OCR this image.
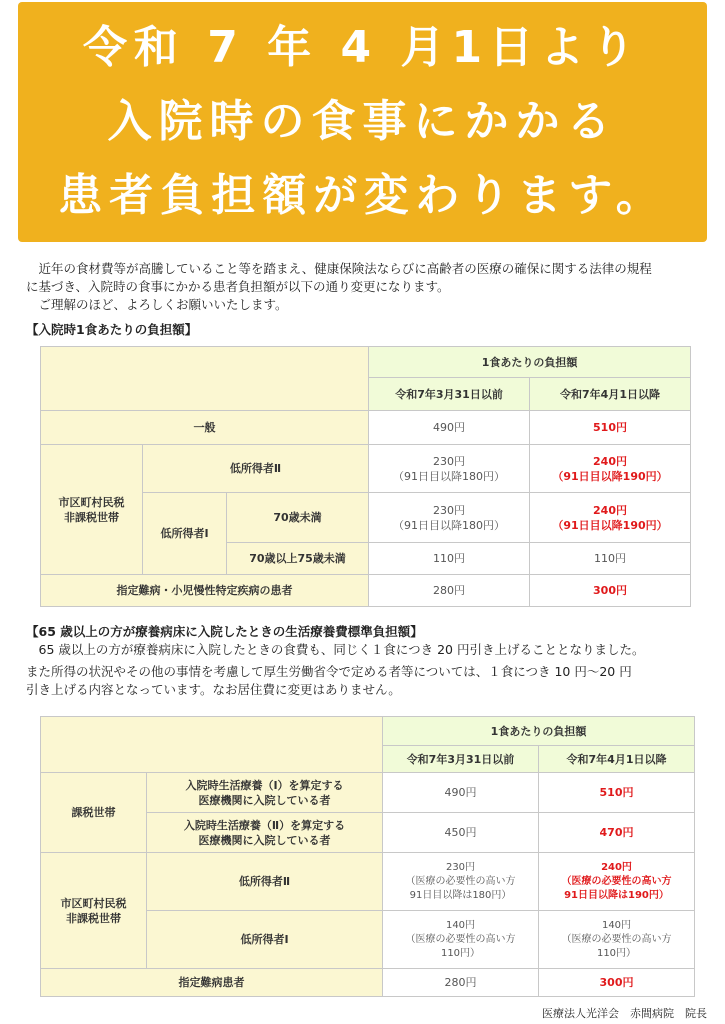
令和 7 年 4 月1日より
入院時の食事にかかる
患者負担額が変わります。

　近年の食材費等が高騰していること等を踏まえ、健康保険法ならびに高齢者の医療の確保に関する法律の規程

に基づき、入院時の食事にかかる患者負担額が以下の通り変更になります。

　ご理解のほど、よろしくお願いいたします。

【入院時1食あたりの負担額】
			1食あたりの負担額	
			令和7年3月31日以前	令和7年4月1日以降
一般			490円	510円
市区町村民税
非課税世帯	低所得者Ⅱ		230円
（91日目以降180円）	240円
（91日目以降190円）
	低所得者Ⅰ	70歳未満	230円
（91日目以降180円）	240円
（91日目以降190円）
		70歳以上75歳未満	110円	110円
指定難病・小児慢性特定疾病の患者			280円	300円
【65 歳以上の方が療養病床に入院したときの生活療養費標準負担額】

　65 歳以上の方が療養病床に入院したときの食費も、同じく１食につき 20 円引き上げることとなりました。

また所得の状況やその他の事情を考慮して厚生労働省令で定める者等については、１食につき 10 円～20 円

引き上げる内容となっています。なお居住費に変更はありません。

		1食あたりの負担額	
		令和7年3月31日以前	令和7年4月1日以降
課税世帯	入院時生活療養（Ⅰ）を算定する
医療機関に入院している者	490円	510円
	入院時生活療養（Ⅱ）を算定する
医療機関に入院している者	450円	470円
市区町村民税
非課税世帯	低所得者Ⅱ	230円
（医療の必要性の高い方
91日目以降は180円）	240円
（医療の必要性の高い方
91日目以降は190円）
	低所得者Ⅰ	140円
（医療の必要性の高い方
110円）	140円
（医療の必要性の高い方
110円）
指定難病患者		280円	300円
医療法人光洋会　赤間病院　院長
